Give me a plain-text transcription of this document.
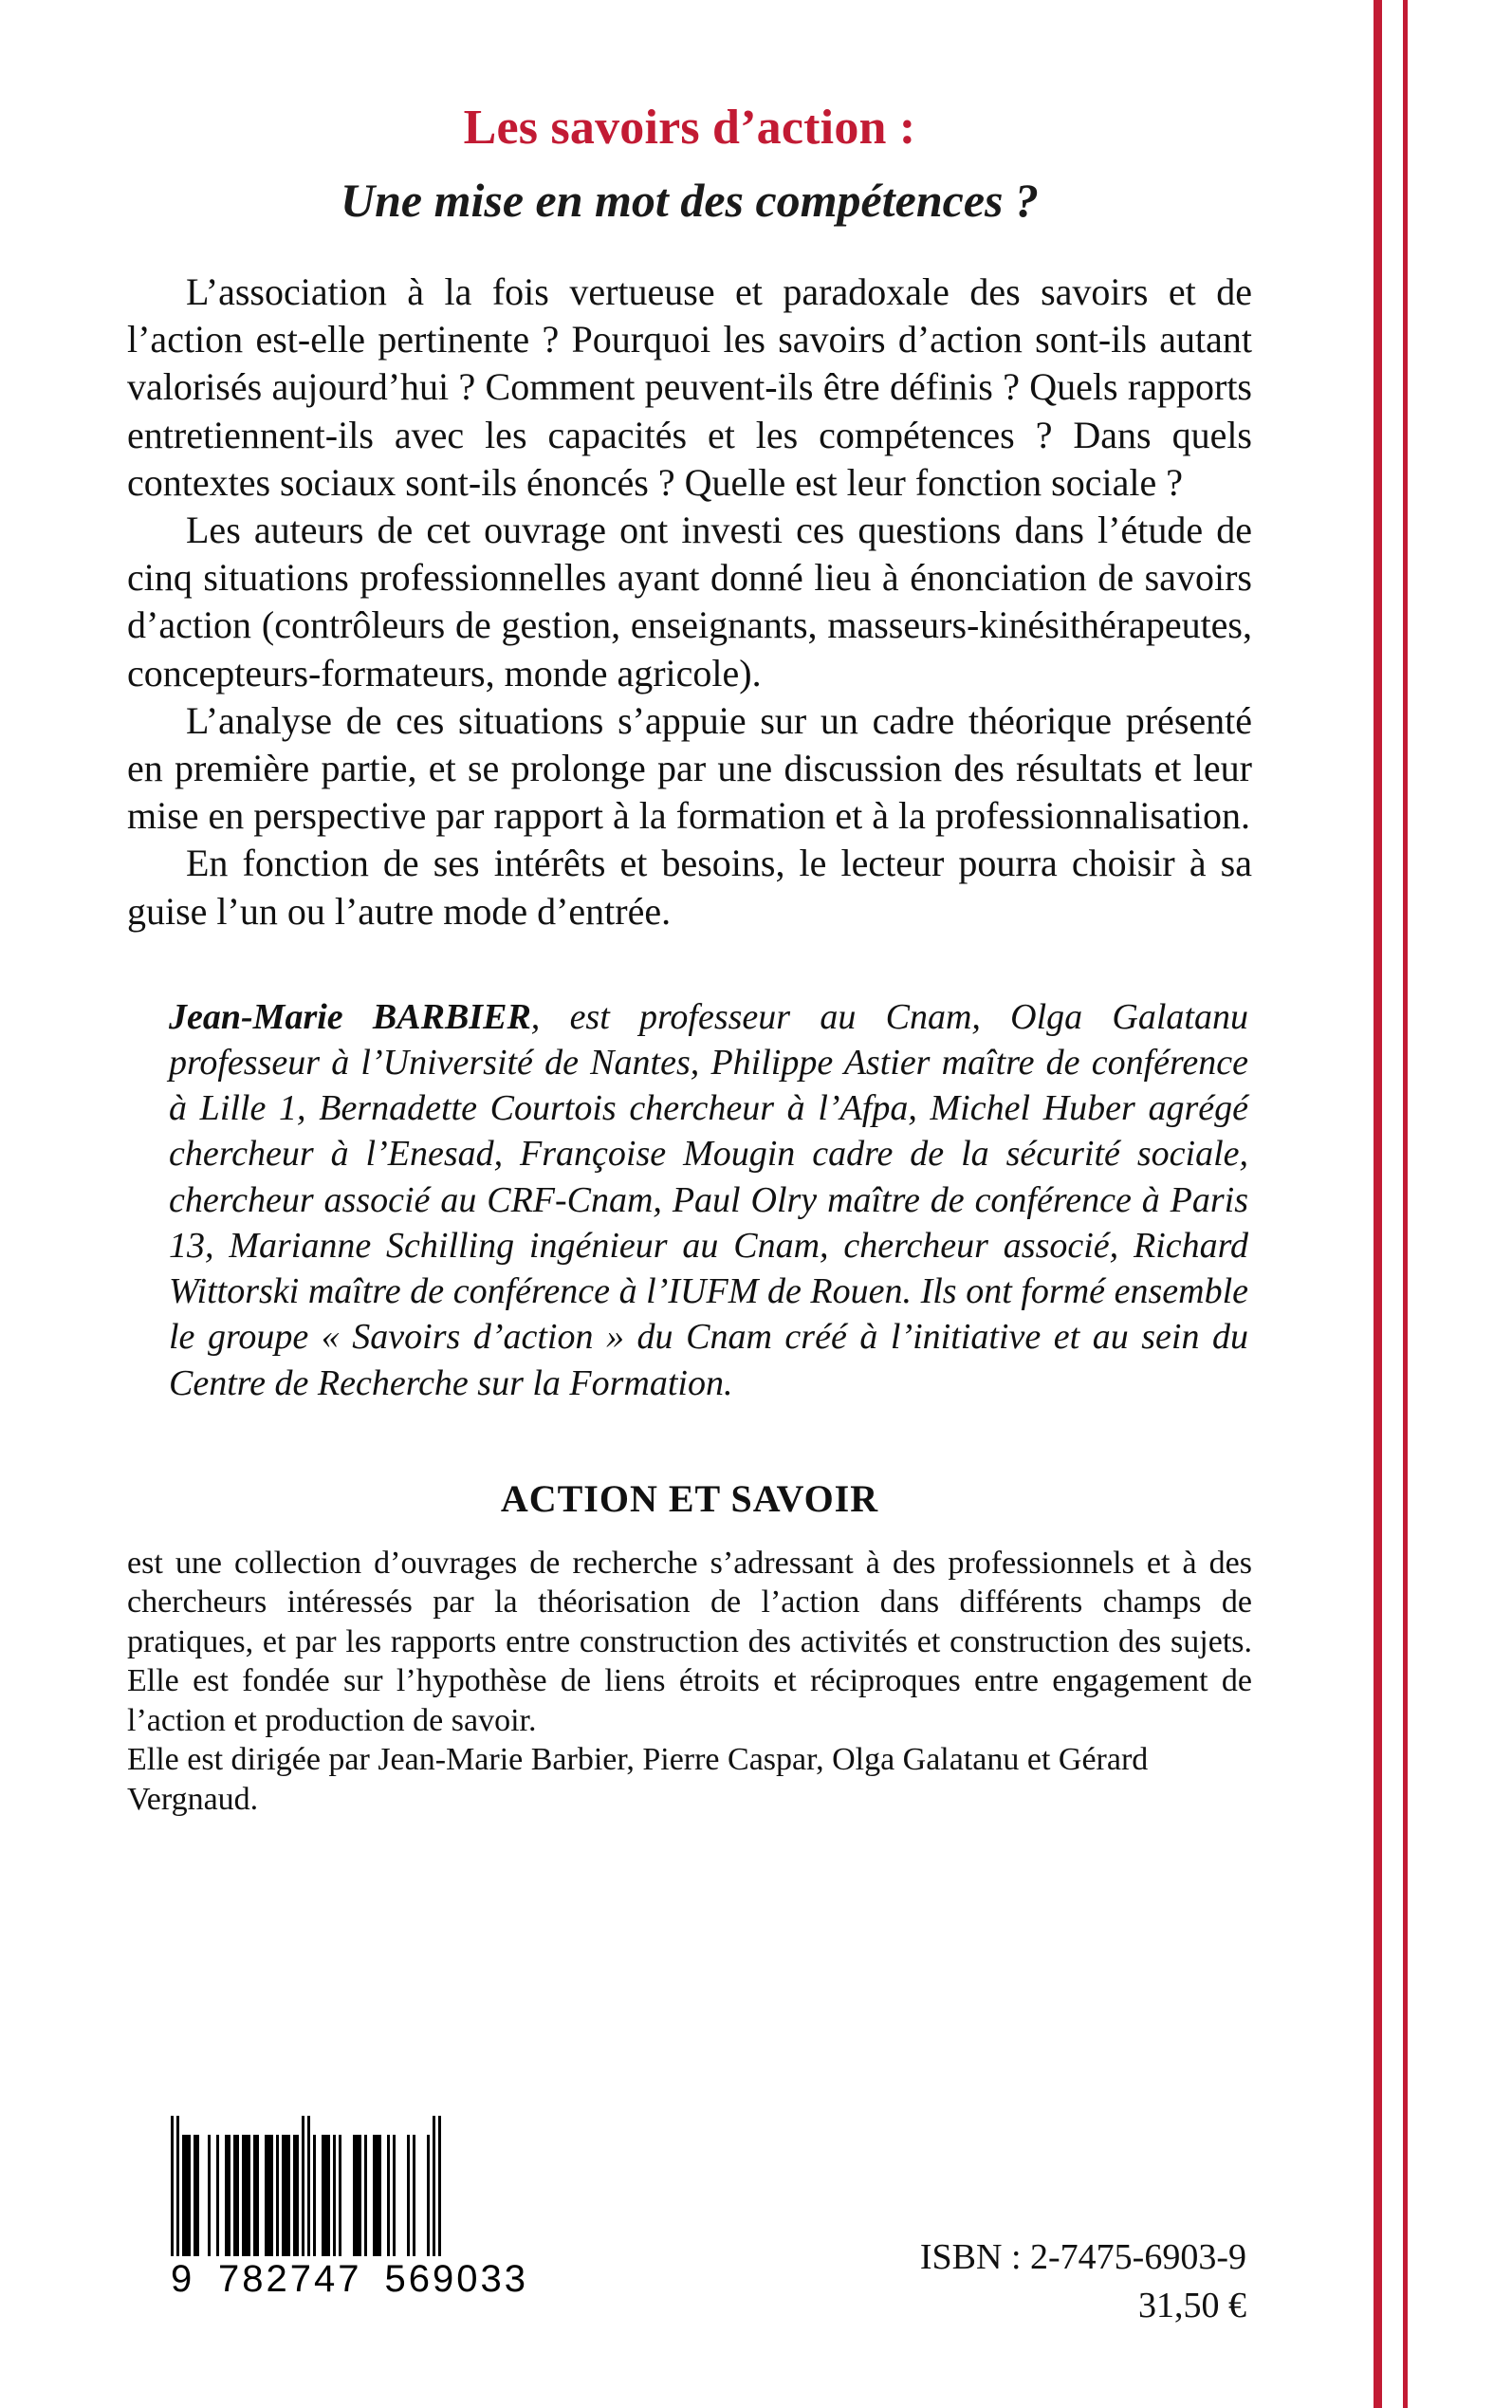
Les savoirs d’action :
Une mise en mot des compétences ?

L’association à la fois vertueuse et paradoxale des savoirs et de l’action est-elle pertinente ? Pourquoi les savoirs d’action sont-ils autant valorisés aujourd’hui ? Comment peuvent-ils être définis ? Quels rapports entretiennent-ils avec les capacités et les compétences ? Dans quels contextes sociaux sont-ils énoncés ? Quelle est leur fonction sociale ?

Les auteurs de cet ouvrage ont investi ces questions dans l’étude de cinq situations professionnelles ayant donné lieu à énonciation de savoirs d’action (contrôleurs de gestion, enseignants, masseurs-kinésithérapeutes, concepteurs-formateurs, monde agricole).

L’analyse de ces situations s’appuie sur un cadre théorique présenté en première partie, et se prolonge par une discussion des résultats et leur mise en perspective par rapport à la formation et à la professionnalisation.

En fonction de ses intérêts et besoins, le lecteur pourra choisir à sa guise l’un ou l’autre mode d’entrée.

Jean-Marie BARBIER, est professeur au Cnam, Olga Galatanu professeur à l’Université de Nantes, Philippe Astier maître de conférence à Lille 1, Bernadette Courtois chercheur à l’Afpa, Michel Huber agrégé chercheur à l’Enesad, Françoise Mougin cadre de la sécurité sociale, chercheur associé au CRF-Cnam, Paul Olry maître de conférence à Paris 13, Marianne Schilling ingénieur au Cnam, chercheur associé, Richard Wittorski maître de conférence à l’IUFM de Rouen. Ils ont formé ensemble le groupe « Savoirs d’action » du Cnam créé à l’initiative et au sein du Centre de Recherche sur la Formation.

ACTION ET SAVOIR
est une collection d’ouvrages de recherche s’adressant à des professionnels et à des chercheurs intéressés par la théorisation de l’action dans différents champs de pratiques, et par les rapports entre construction des activités et construction des sujets. Elle est fondée sur l’hypothèse de liens étroits et réciproques entre engagement de l’action et production de savoir.
Elle est dirigée par Jean-Marie Barbier, Pierre Caspar, Olga Galatanu et Gérard Vergnaud.
9 782747 569033
ISBN : 2-7475-6903-9
31,50 €
